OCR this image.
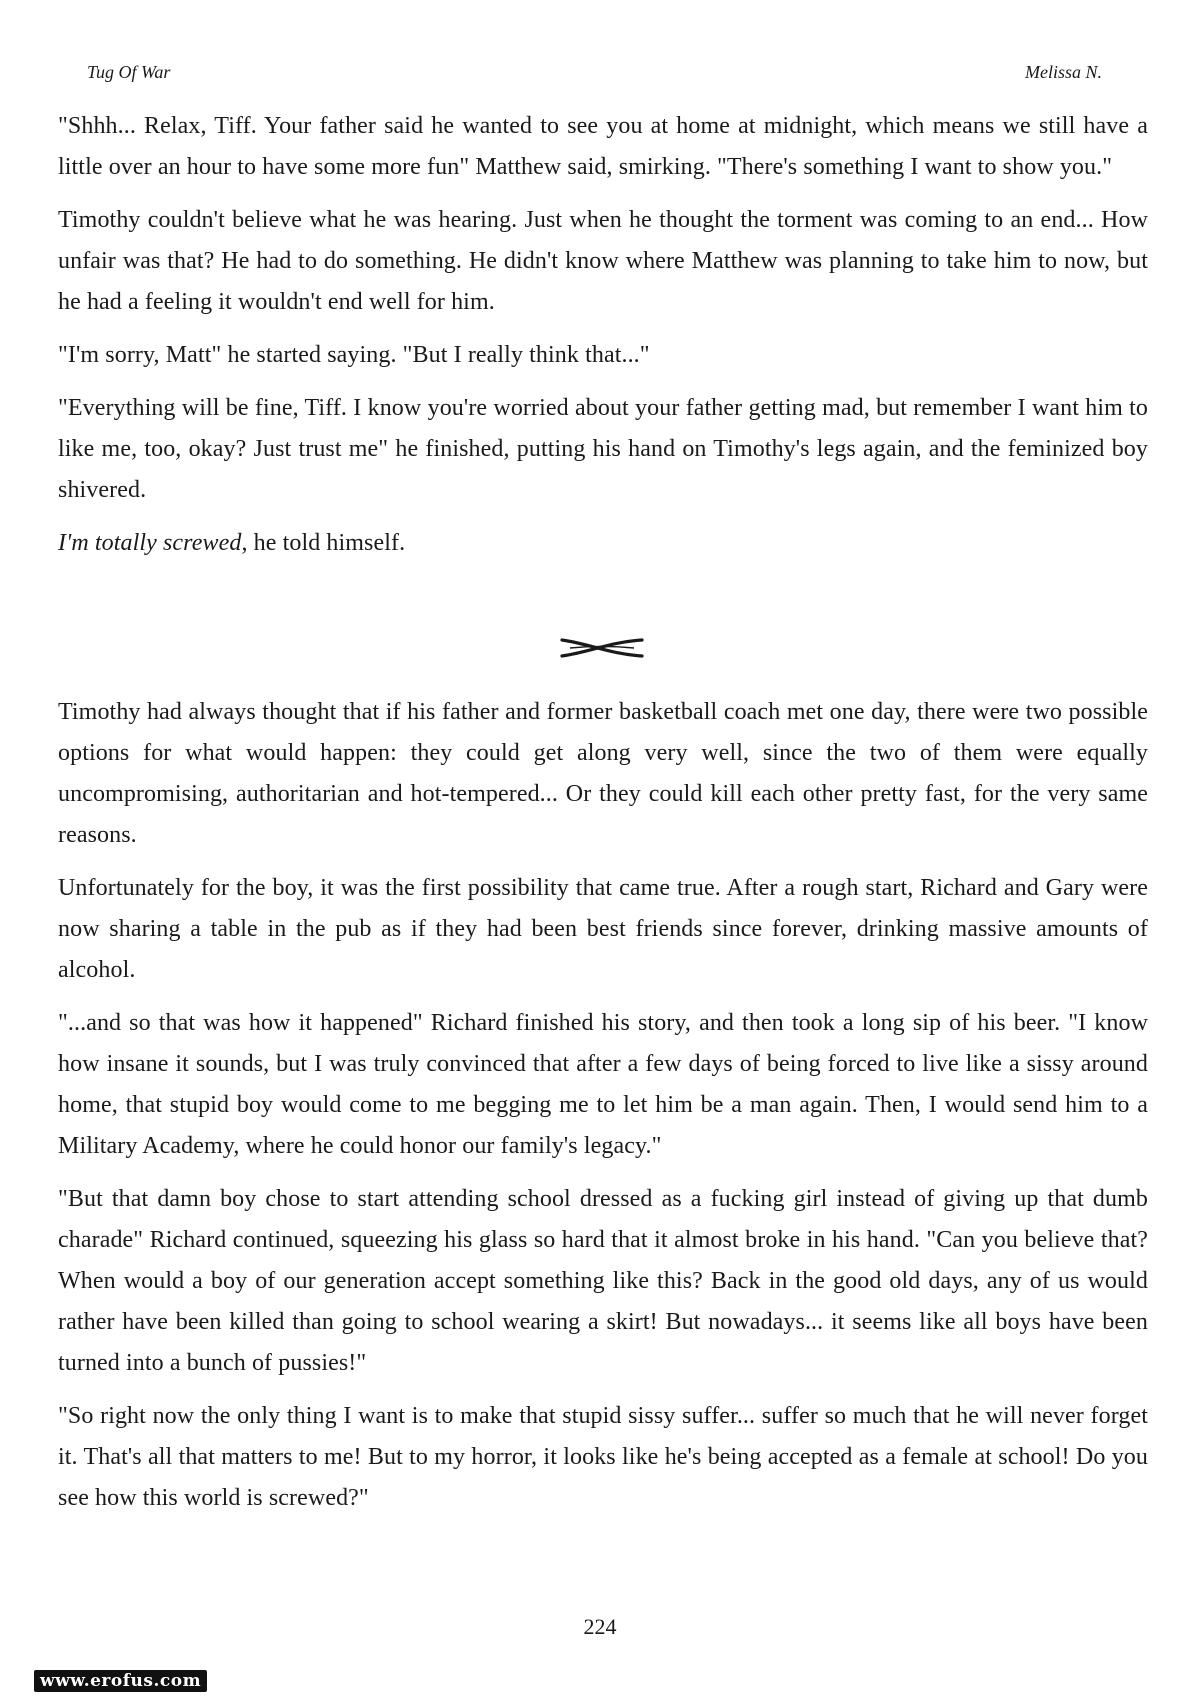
Tug Of War	Melissa N.

"Shhh... Relax, Tiff. Your father said he wanted to see you at home at midnight, which means we still have a little over an hour to have some more fun" Matthew said, smirking. "There's something I want to show you."

Timothy couldn't believe what he was hearing. Just when he thought the torment was coming to an end... How unfair was that? He had to do something. He didn't know where Matthew was planning to take him to now, but he had a feeling it wouldn't end well for him.

"I'm sorry, Matt" he started saying. "But I really think that..."

"Everything will be fine, Tiff. I know you're worried about your father getting mad, but remember I want him to like me, too, okay? Just trust me" he finished, putting his hand on Timothy's legs again, and the feminized boy shivered.

I'm totally screwed, he told himself.

Timothy had always thought that if his father and former basketball coach met one day, there were two possible options for what would happen: they could get along very well, since the two of them were equally uncompromising, authoritarian and hot-tempered... Or they could kill each other pretty fast, for the very same reasons.

Unfortunately for the boy, it was the first possibility that came true. After a rough start, Richard and Gary were now sharing a table in the pub as if they had been best friends since forever, drinking massive amounts of alcohol.

"...and so that was how it happened" Richard finished his story, and then took a long sip of his beer. "I know how insane it sounds, but I was truly convinced that after a few days of being forced to live like a sissy around home, that stupid boy would come to me begging me to let him be a man again. Then, I would send him to a Military Academy, where he could honor our family's legacy."

"But that damn boy chose to start attending school dressed as a fucking girl instead of giving up that dumb charade" Richard continued, squeezing his glass so hard that it almost broke in his hand. "Can you believe that? When would a boy of our generation accept something like this? Back in the good old days, any of us would rather have been killed than going to school wearing a skirt! But nowadays... it seems like all boys have been turned into a bunch of pussies!"

"So right now the only thing I want is to make that stupid sissy suffer... suffer so much that he will never forget it. That's all that matters to me! But to my horror, it looks like he's being accepted as a female at school! Do you see how this world is screwed?"

224
www.erofus.com
